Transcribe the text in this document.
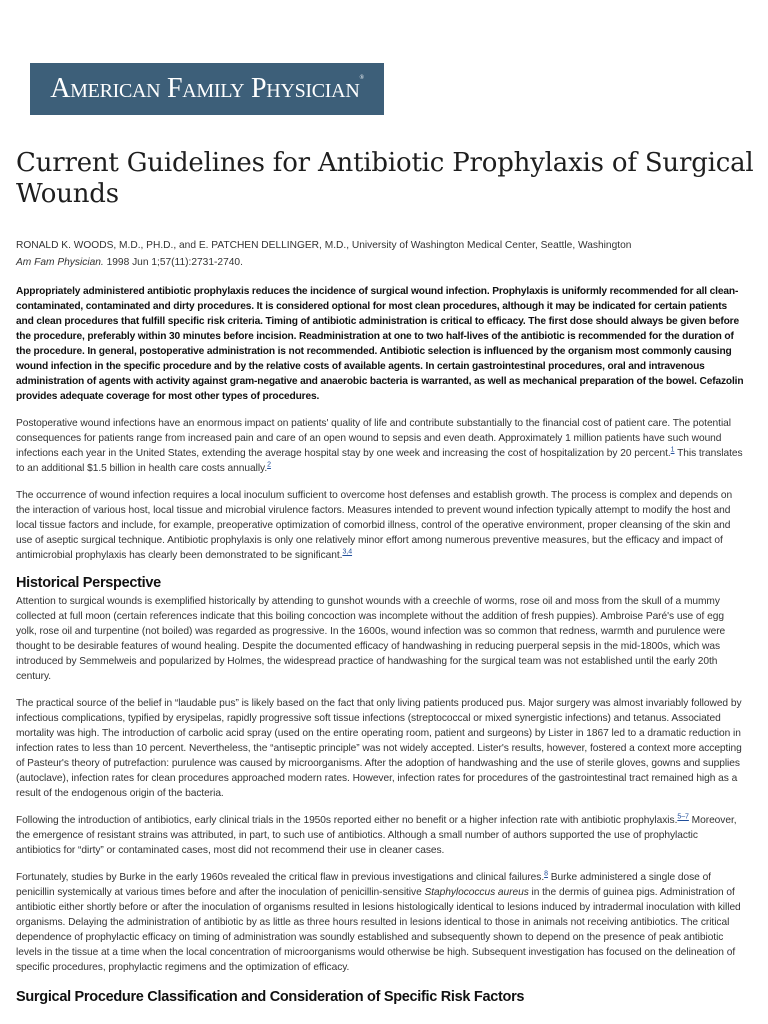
American Family Physician®
Current Guidelines for Antibiotic Prophylaxis of Surgical Wounds

RONALD K. WOODS, M.D., PH.D., and E. PATCHEN DELLINGER, M.D., University of Washington Medical Center, Seattle, Washington

Am Fam Physician. 1998 Jun 1;57(11):2731-2740.

Appropriately administered antibiotic prophylaxis reduces the incidence of surgical wound infection. Prophylaxis is uniformly recommended for all clean-contaminated, contaminated and dirty procedures. It is considered optional for most clean procedures, although it may be indicated for certain patients and clean procedures that fulfill specific risk criteria. Timing of antibiotic administration is critical to efficacy. The first dose should always be given before the procedure, preferably within 30 minutes before incision. Readministration at one to two half-lives of the antibiotic is recommended for the duration of the procedure. In general, postoperative administration is not recommended. Antibiotic selection is influenced by the organism most commonly causing wound infection in the specific procedure and by the relative costs of available agents. In certain gastrointestinal procedures, oral and intravenous administration of agents with activity against gram-negative and anaerobic bacteria is warranted, as well as mechanical preparation of the bowel. Cefazolin provides adequate coverage for most other types of procedures.

Postoperative wound infections have an enormous impact on patients' quality of life and contribute substantially to the financial cost of patient care. The potential consequences for patients range from increased pain and care of an open wound to sepsis and even death. Approximately 1 million patients have such wound infections each year in the United States, extending the average hospital stay by one week and increasing the cost of hospitalization by 20 percent.$^1$ This translates to an additional $1.5 billion in health care costs annually.$^2$

The occurrence of wound infection requires a local inoculum sufficient to overcome host defenses and establish growth. The process is complex and depends on the interaction of various host, local tissue and microbial virulence factors. Measures intended to prevent wound infection typically attempt to modify the host and local tissue factors and include, for example, preoperative optimization of comorbid illness, control of the operative environment, proper cleansing of the skin and use of aseptic surgical technique. Antibiotic prophylaxis is only one relatively minor effort among numerous preventive measures, but the efficacy and impact of antimicrobial prophylaxis has clearly been demonstrated to be significant.$^{3,4}$

Historical Perspective

Attention to surgical wounds is exemplified historically by attending to gunshot wounds with a creechle of worms, rose oil and moss from the skull of a mummy collected at full moon (certain references indicate that this boiling concoction was incomplete without the addition of fresh puppies). Ambroise Paré's use of egg yolk, rose oil and turpentine (not boiled) was regarded as progressive. In the 1600s, wound infection was so common that redness, warmth and purulence were thought to be desirable features of wound healing. Despite the documented efficacy of handwashing in reducing puerperal sepsis in the mid-1800s, which was introduced by Semmelweis and popularized by Holmes, the widespread practice of handwashing for the surgical team was not established until the early 20th century.

The practical source of the belief in “laudable pus” is likely based on the fact that only living patients produced pus. Major surgery was almost invariably followed by infectious complications, typified by erysipelas, rapidly progressive soft tissue infections (streptococcal or mixed synergistic infections) and tetanus. Associated mortality was high. The introduction of carbolic acid spray (used on the entire operating room, patient and surgeons) by Lister in 1867 led to a dramatic reduction in infection rates to less than 10 percent. Nevertheless, the “antiseptic principle” was not widely accepted. Lister's results, however, fostered a context more accepting of Pasteur's theory of putrefaction: purulence was caused by microorganisms. After the adoption of handwashing and the use of sterile gloves, gowns and supplies (autoclave), infection rates for clean procedures approached modern rates. However, infection rates for procedures of the gastrointestinal tract remained high as a result of the endogenous origin of the bacteria.

Following the introduction of antibiotics, early clinical trials in the 1950s reported either no benefit or a higher infection rate with antibiotic prophylaxis.$^{5-7}$ Moreover, the emergence of resistant strains was attributed, in part, to such use of antibiotics. Although a small number of authors supported the use of prophylactic antibiotics for “dirty” or contaminated cases, most did not recommend their use in cleaner cases.

Fortunately, studies by Burke in the early 1960s revealed the critical flaw in previous investigations and clinical failures.$^8$ Burke administered a single dose of penicillin systemically at various times before and after the inoculation of penicillin-sensitive Staphylococcus aureus in the dermis of guinea pigs. Administration of antibiotic either shortly before or after the inoculation of organisms resulted in lesions histologically identical to lesions induced by intradermal inoculation with killed organisms. Delaying the administration of antibiotic by as little as three hours resulted in lesions identical to those in animals not receiving antibiotics. The critical dependence of prophylactic efficacy on timing of administration was soundly established and subsequently shown to depend on the presence of peak antibiotic levels in the tissue at a time when the local concentration of microorganisms would otherwise be high. Subsequent investigation has focused on the delineation of specific procedures, prophylactic regimens and the optimization of efficacy.

Surgical Procedure Classification and Consideration of Specific Risk Factors
